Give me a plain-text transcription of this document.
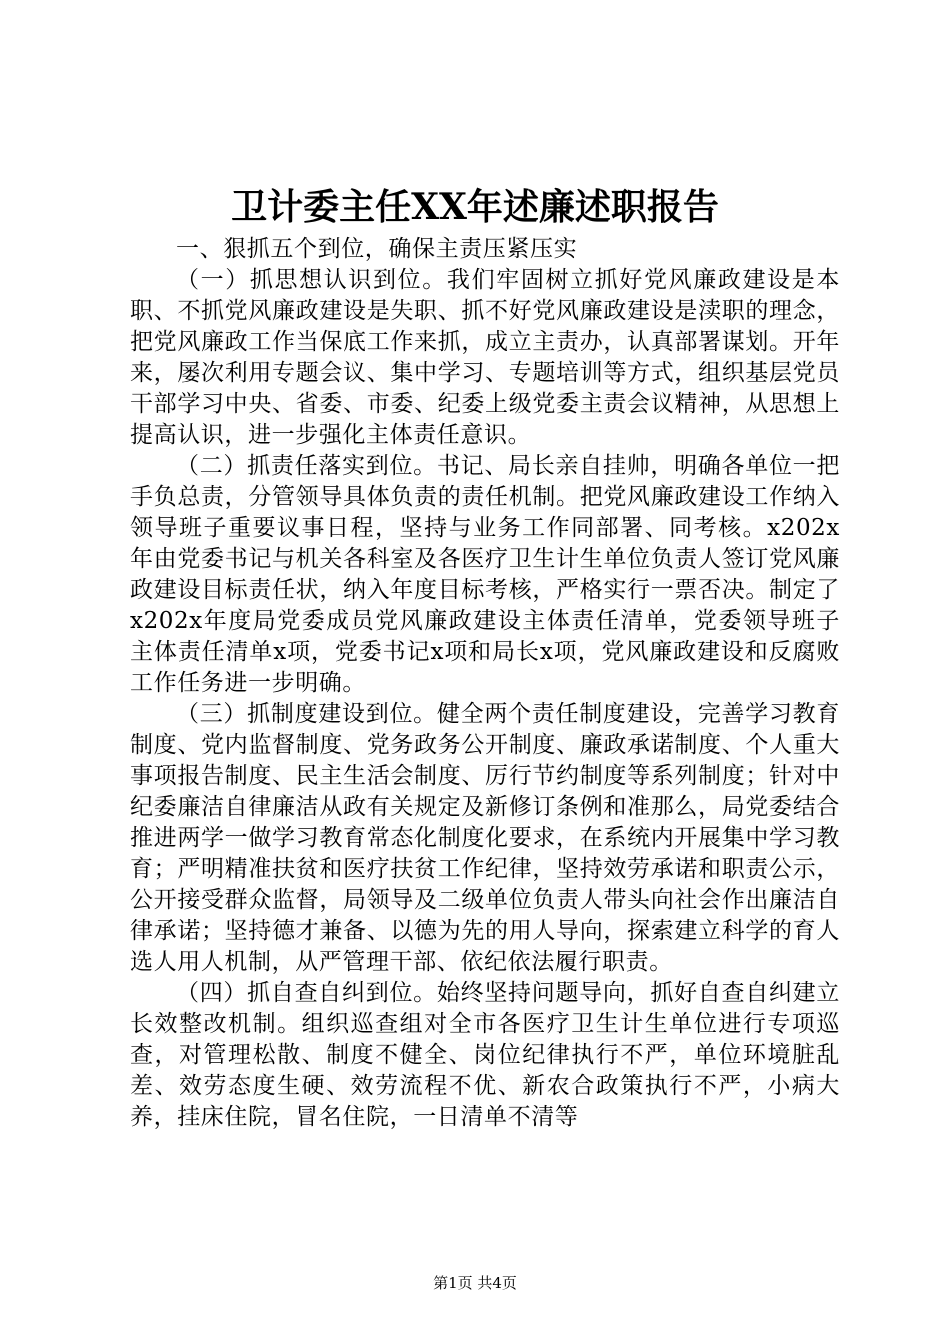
卫计委主任XX年述廉述职报告

一、狠抓五个到位，确保主责压紧压实

（一）抓思想认识到位。我们牢固树立抓好党风廉政建设是本职、不抓党风廉政建设是失职、抓不好党风廉政建设是渎职的理念，把党风廉政工作当保底工作来抓，成立主责办，认真部署谋划。开年来，屡次利用专题会议、集中学习、专题培训等方式，组织基层党员干部学习中央、省委、市委、纪委上级党委主责会议精神，从思想上提高认识，进一步强化主体责任意识。

（二）抓责任落实到位。书记、局长亲自挂帅，明确各单位一把手负总责，分管领导具体负责的责任机制。把党风廉政建设工作纳入领导班子重要议事日程，坚持与业务工作同部署、同考核。x202x年由党委书记与机关各科室及各医疗卫生计生单位负责人签订党风廉政建设目标责任状，纳入年度目标考核，严格实行一票否决。制定了x202x年度局党委成员党风廉政建设主体责任清单，党委领导班子主体责任清单x项，党委书记x项和局长x项，党风廉政建设和反腐败工作任务进一步明确。

（三）抓制度建设到位。健全两个责任制度建设，完善学习教育制度、党内监督制度、党务政务公开制度、廉政承诺制度、个人重大事项报告制度、民主生活会制度、厉行节约制度等系列制度；针对中纪委廉洁自律廉洁从政有关规定及新修订条例和准那么，局党委结合推进两学一做学习教育常态化制度化要求，在系统内开展集中学习教育；严明精准扶贫和医疗扶贫工作纪律，坚持效劳承诺和职责公示，公开接受群众监督，局领导及二级单位负责人带头向社会作出廉洁自律承诺；坚持德才兼备、以德为先的用人导向，探索建立科学的育人选人用人机制，从严管理干部、依纪依法履行职责。

（四）抓自查自纠到位。始终坚持问题导向，抓好自查自纠建立长效整改机制。组织巡查组对全市各医疗卫生计生单位进行专项巡查，对管理松散、制度不健全、岗位纪律执行不严，单位环境脏乱差、效劳态度生硬、效劳流程不优、新农合政策执行不严，小病大养，挂床住院，冒名住院，一日清单不清等

第1页 共4页
